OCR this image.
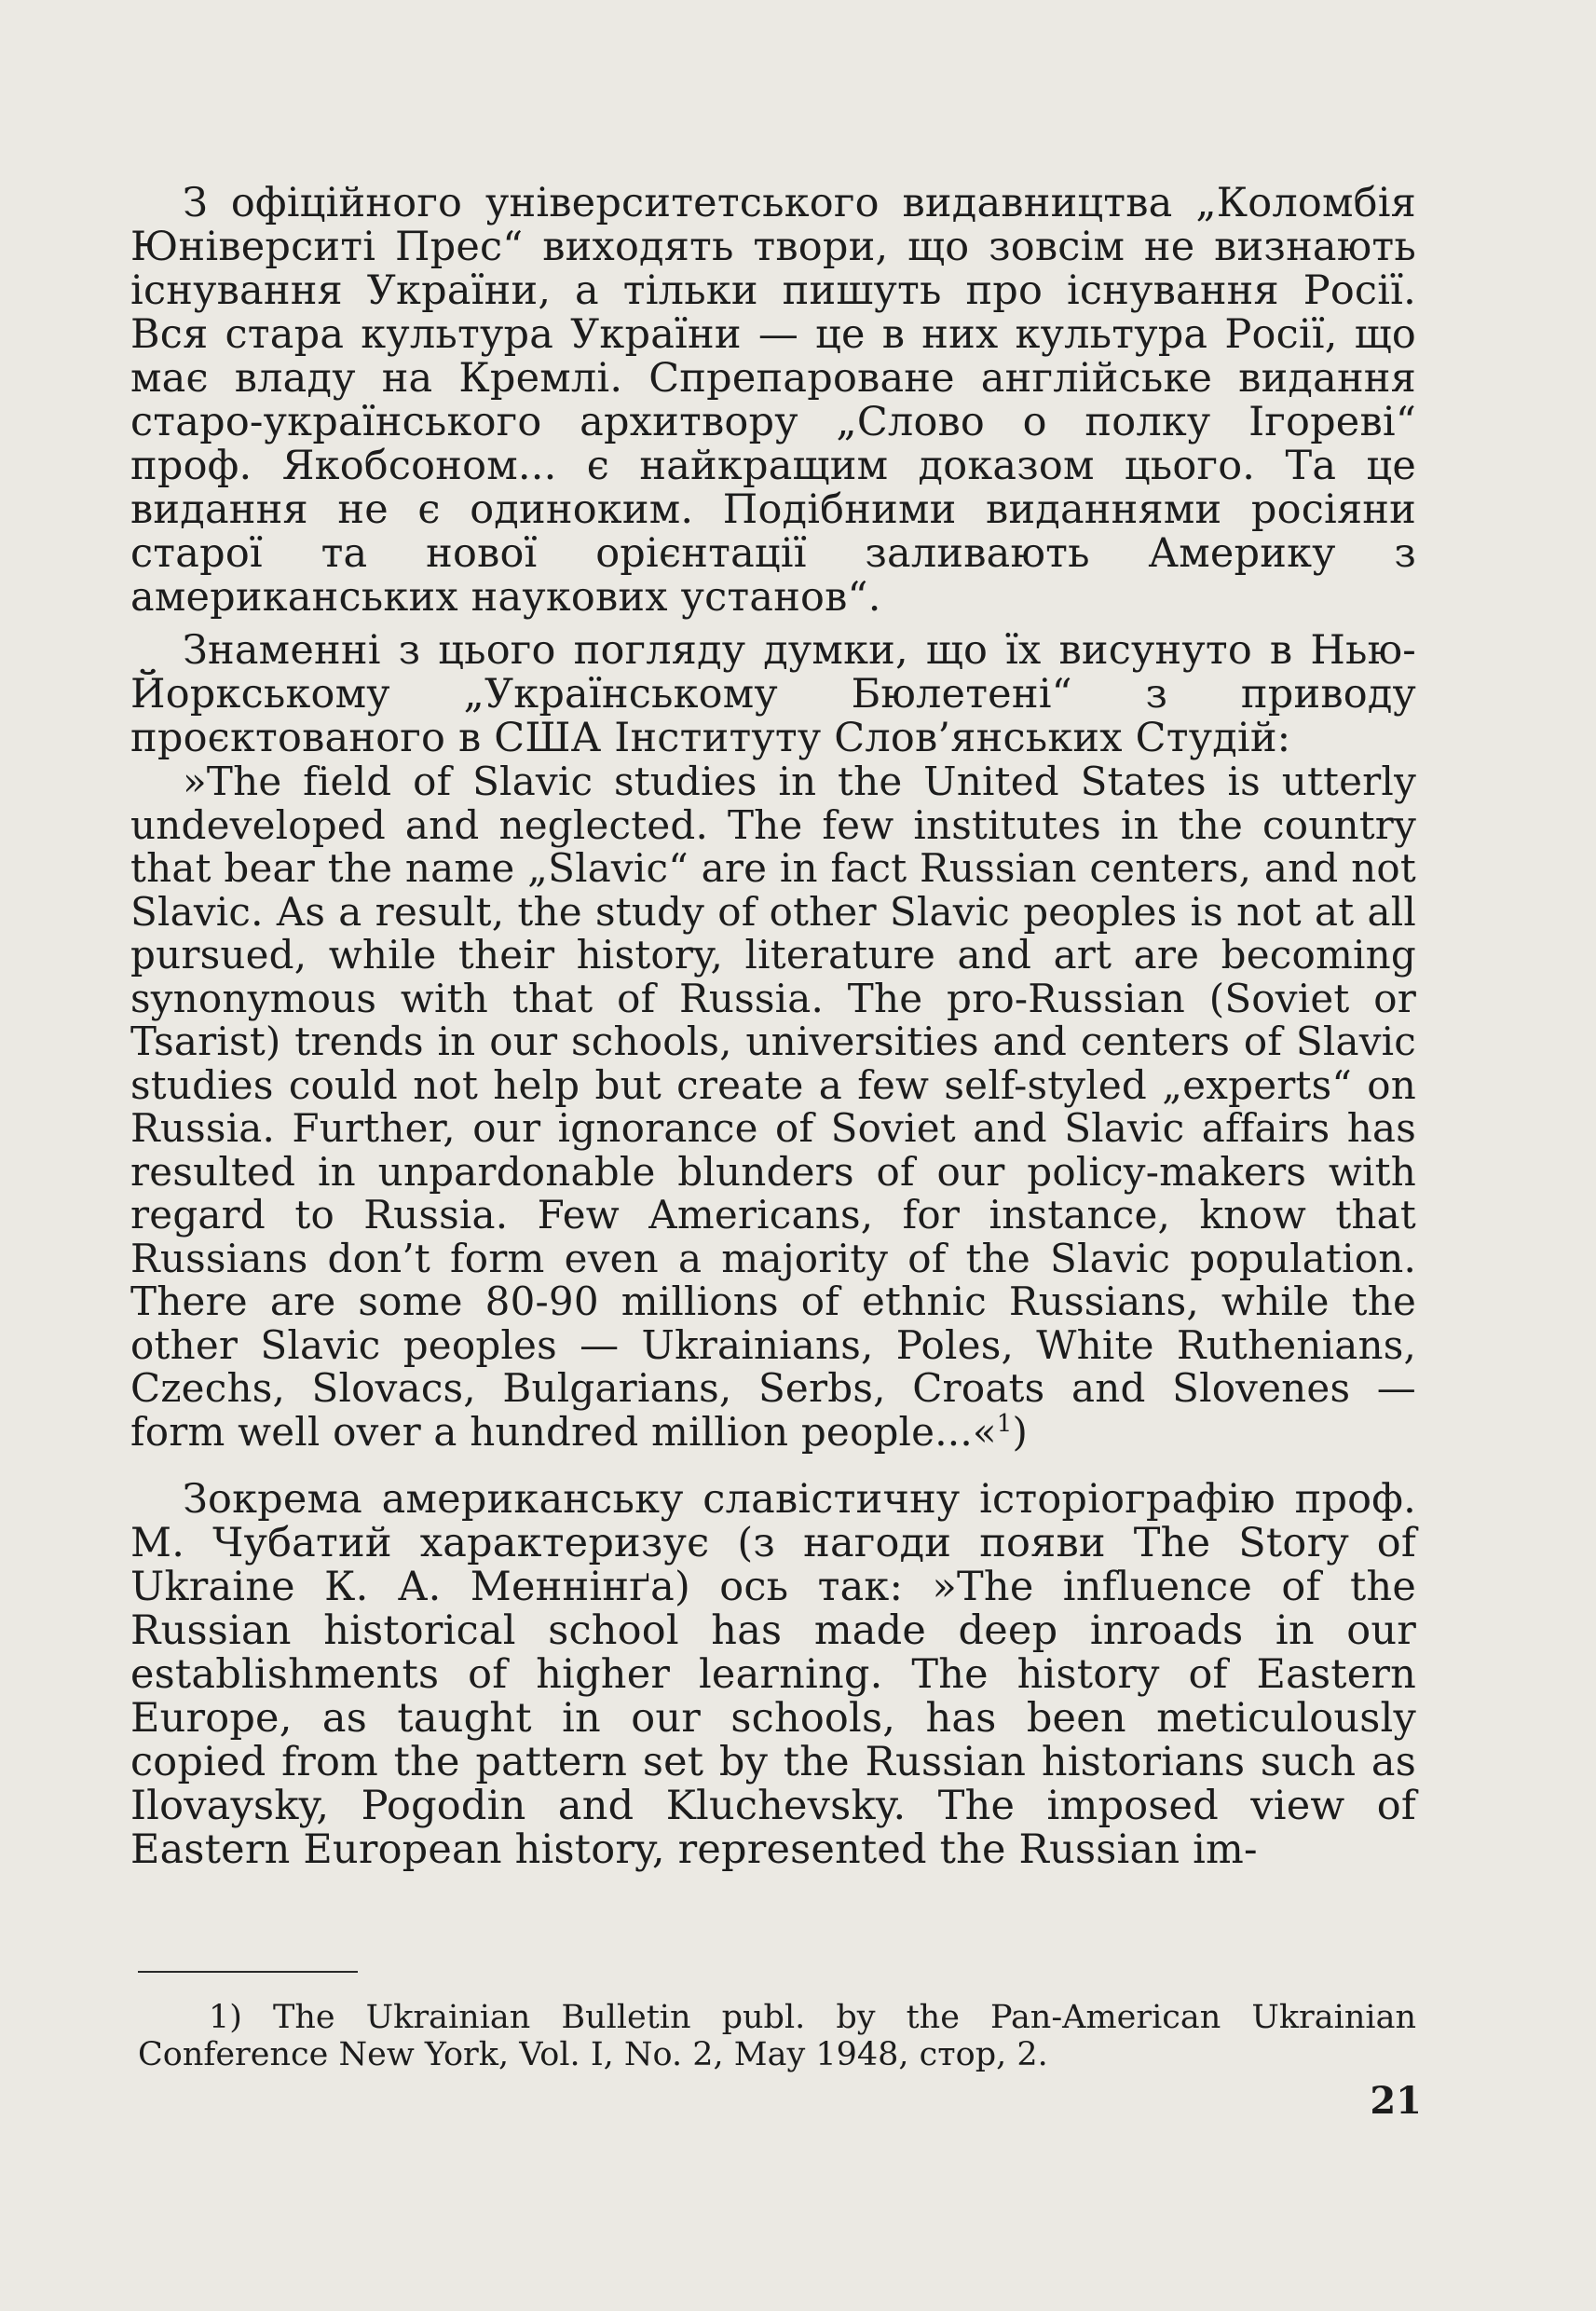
З офіційного університетського видавництва „Коломбія Юніверситі Прес“ виходять твори, що зовсім не визнають існування України, а тільки пишуть про існування Росії. Вся стара культура України — це в них культура Росії, що має владу на Кремлі. Спрепароване англійське видання старо-українського архитвору „Слово о полку Ігореві“ проф. Якобсоном... є найкращим доказом цього. Та це видання не є одиноким. Подібними виданнями росіяни старої та нової орієнтації заливають Америку з американських наукових установ“.

Знаменні з цього погляду думки, що їх висунуто в Нью-Йоркському „Українському Бюлетені“ з приводу проєктованого в США Інституту Слов’янських Студій:

»The field of Slavic studies in the United States is utterly undeveloped and neglected. The few institutes in the country that bear the name „Slavic“ are in fact Russian centers, and not Slavic. As a result, the study of other Slavic peoples is not at all pursued, while their history, literature and art are becoming synonymous with that of Russia. The pro-Russian (Soviet or Tsarist) trends in our schools, universities and centers of Slavic studies could not help but create a few self-styled „experts“ on Russia. Further, our ignorance of Soviet and Slavic affairs has resulted in unpardonable blunders of our policy-makers with regard to Russia. Few Americans, for instance, know that Russians don’t form even a majority of the Slavic population. There are some 80-90 millions of ethnic Russians, while the other Slavic peoples — Ukrainians, Poles, White Ruthenians, Czechs, Slovacs, Bulgarians, Serbs, Croats and Slovenes — form well over a hundred million people...«$^1$)

Зокрема американську славістичну історіографію проф. М. Чубатий характеризує (з нагоди появи The Story of Ukraine К. А. Меннінґа) ось так: »The influence of the Russian historical school has made deep inroads in our establishments of higher learning. The history of Eastern Europe, as taught in our schools, has been meticulously copied from the pattern set by the Russian historians such as Ilovaysky, Pogodin and Kluchevsky. The imposed view of Eastern European history, represented the Russian im-

1) The Ukrainian Bulletin publ. by the Pan-American Ukrainian Conference New York, Vol. I, No. 2, May 1948, стор, 2.

21
